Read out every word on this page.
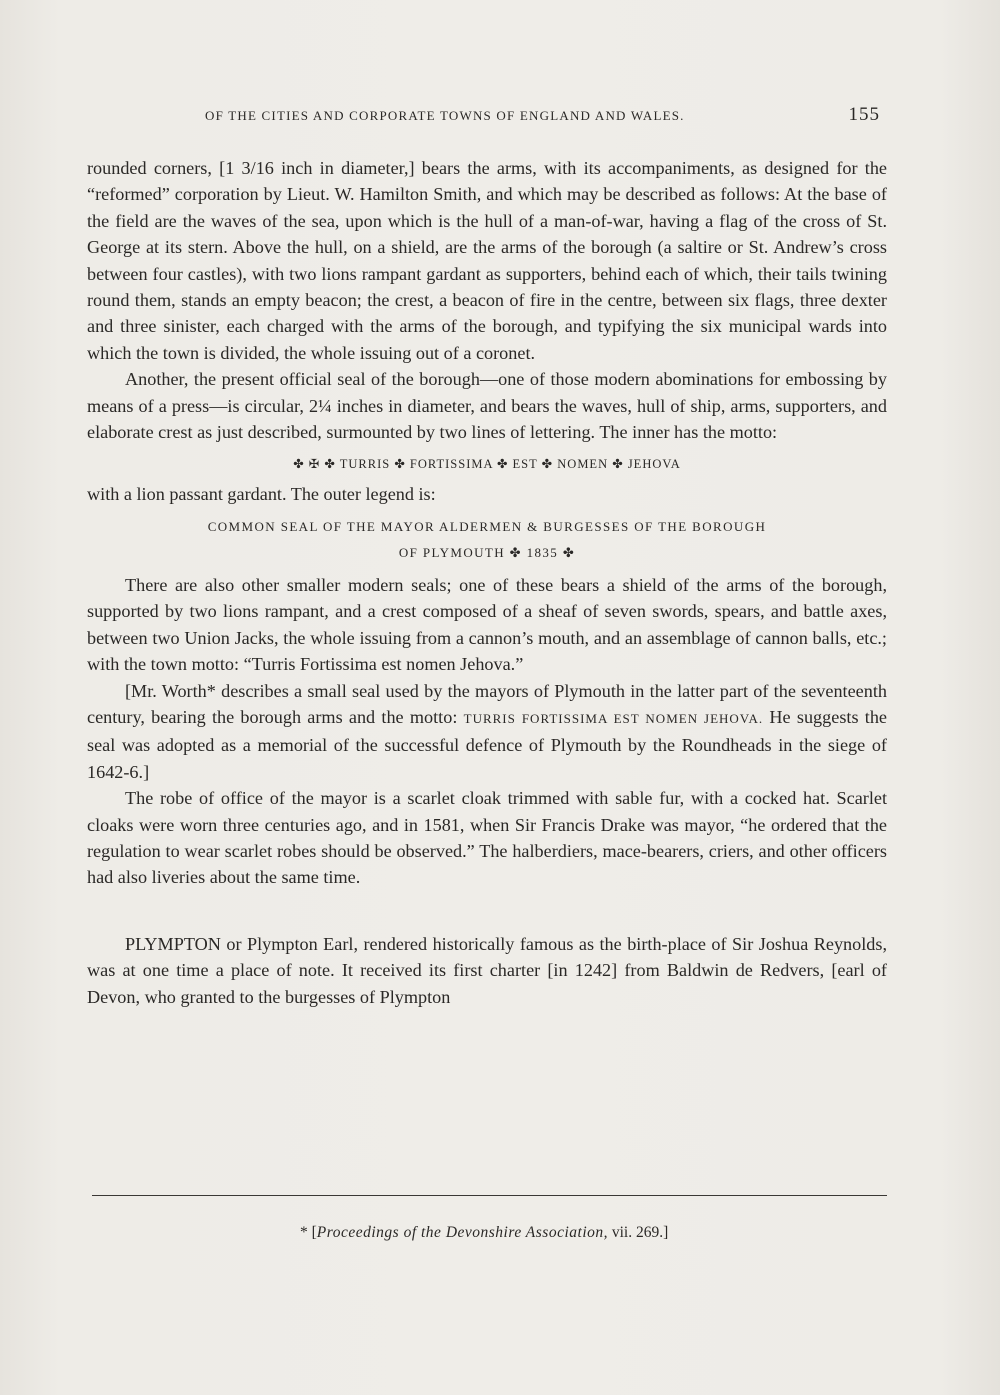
OF THE CITIES AND CORPORATE TOWNS OF ENGLAND AND WALES.	155

rounded corners, [1 3/16 inch in diameter,] bears the arms, with its accompaniments, as designed for the “reformed” corporation by Lieut. W. Hamilton Smith, and which may be described as follows: At the base of the field are the waves of the sea, upon which is the hull of a man-of-war, having a flag of the cross of St. George at its stern. Above the hull, on a shield, are the arms of the borough (a saltire or St. Andrew’s cross between four castles), with two lions rampant gardant as supporters, behind each of which, their tails twining round them, stands an empty beacon; the crest, a beacon of fire in the centre, between six flags, three dexter and three sinister, each charged with the arms of the borough, and typifying the six municipal wards into which the town is divided, the whole issuing out of a coronet.

Another, the present official seal of the borough—one of those modern abominations for embossing by means of a press—is circular, 2¼ inches in diameter, and bears the waves, hull of ship, arms, supporters, and elaborate crest as just described, surmounted by two lines of lettering. The inner has the motto:

✤ ✠ ✤ TURRIS ✤ FORTISSIMA ✤ EST ✤ NOMEN ✤ JEHOVA

with a lion passant gardant. The outer legend is:

COMMON SEAL OF THE MAYOR ALDERMEN & BURGESSES OF THE BOROUGH
OF PLYMOUTH ✤ 1835 ✤

There are also other smaller modern seals; one of these bears a shield of the arms of the borough, supported by two lions rampant, and a crest composed of a sheaf of seven swords, spears, and battle axes, between two Union Jacks, the whole issuing from a cannon’s mouth, and an assemblage of cannon balls, etc.; with the town motto: “Turris Fortissima est nomen Jehova.”

[Mr. Worth* describes a small seal used by the mayors of Plymouth in the latter part of the seventeenth century, bearing the borough arms and the motto: TURRIS FORTISSIMA EST NOMEN JEHOVA. He suggests the seal was adopted as a memorial of the successful defence of Plymouth by the Roundheads in the siege of 1642-6.]

The robe of office of the mayor is a scarlet cloak trimmed with sable fur, with a cocked hat. Scarlet cloaks were worn three centuries ago, and in 1581, when Sir Francis Drake was mayor, “he ordered that the regulation to wear scarlet robes should be observed.” The halberdiers, mace-bearers, criers, and other officers had also liveries about the same time.

PLYMPTON or Plympton Earl, rendered historically famous as the birth-place of Sir Joshua Reynolds, was at one time a place of note. It received its first charter [in 1242] from Baldwin de Redvers, [earl of Devon, who granted to the burgesses of Plympton

* [Proceedings of the Devonshire Association, vii. 269.]
